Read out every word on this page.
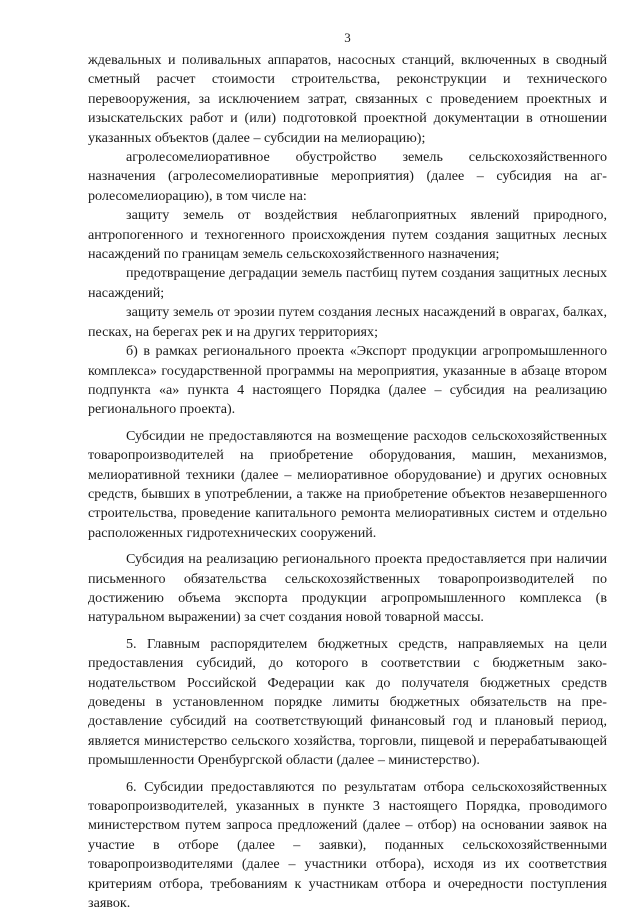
3

ждевальных и поливальных аппаратов, насосных станций, включенных в сводный сметный расчет стоимости строительства, реконструкции и технического перевооружения, за исключением затрат, связанных с проведением проектных и изыскательских работ и (или) подготовкой проектной документации в отношении указанных объектов (далее – субсидии на мелиорацию);

агролесомелиоративное обустройство земель сельскохозяйственного назначения (агролесомелиоративные мероприятия) (далее – субсидия на агролесомелиорацию), в том числе на:

защиту земель от воздействия неблагоприятных явлений природного, антропогенного и техногенного происхождения путем создания защитных лесных насаждений по границам земель сельскохозяйственного назначения;

предотвращение деградации земель пастбищ путем создания защитных лесных насаждений;

защиту земель от эрозии путем создания лесных насаждений в оврагах, балках, песках, на берегах рек и на других территориях;

б) в рамках регионального проекта «Экспорт продукции агропромышленного комплекса» государственной программы на мероприятия, указанные в абзаце втором подпункта «а» пункта 4 настоящего Порядка (далее – субсидия на реализацию регионального проекта).

Субсидии не предоставляются на возмещение расходов сельскохозяйственных товаропроизводителей на приобретение оборудования, машин, механизмов, мелиоративной техники (далее – мелиоративное оборудование) и других основных средств, бывших в употреблении, а также на приобретение объектов незавершенного строительства, проведение капитального ремонта мелиоративных систем и отдельно расположенных гидротехнических сооружений.

Субсидия на реализацию регионального проекта предоставляется при наличии письменного обязательства сельскохозяйственных товаропроизводителей по достижению объема экспорта продукции агропромышленного комплекса (в натуральном выражении) за счет создания новой товарной массы.

5. Главным распорядителем бюджетных средств, направляемых на цели предоставления субсидий, до которого в соответствии с бюджетным законодательством Российской Федерации как до получателя бюджетных средств доведены в установленном порядке лимиты бюджетных обязательств на предоставление субсидий на соответствующий финансовый год и плановый период, является министерство сельского хозяйства, торговли, пищевой и перерабатывающей промышленности Оренбургской области (далее – министерство).

6. Субсидии предоставляются по результатам отбора сельскохозяйственных товаропроизводителей, указанных в пункте 3 настоящего Порядка, проводимого министерством путем запроса предложений (далее – отбор) на основании заявок на участие в отборе (далее – заявки), поданных сельскохозяйственными товаропроизводителями (далее – участники отбора), исходя из их соответствия критериям отбора, требованиям к участникам отбора и очередности поступления заявок.
